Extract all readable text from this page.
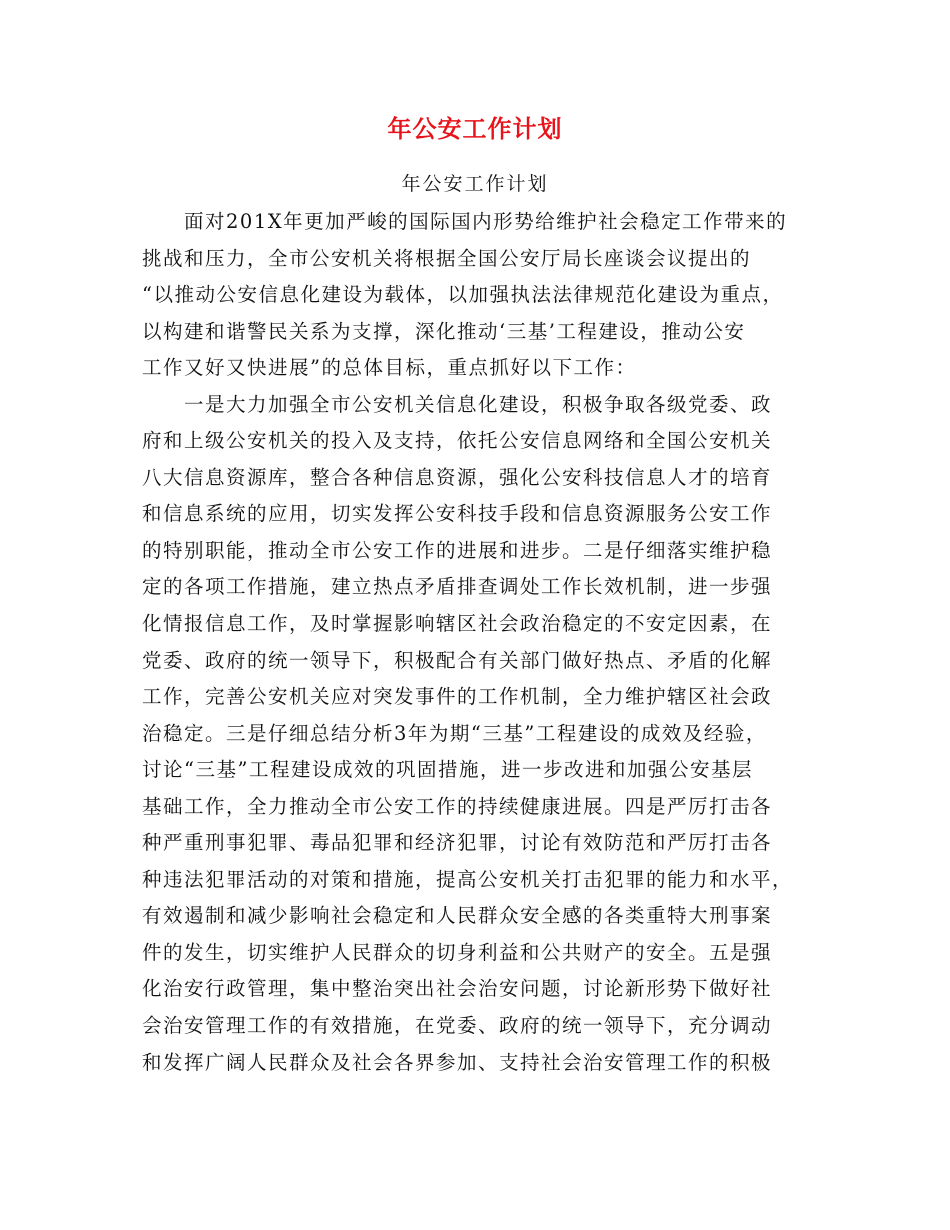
年公安工作计划
年公安工作计划
面对201X年更加严峻的国际国内形势给维护社会稳定工作带来的
挑战和压力，全市公安机关将根据全国公安厅局长座谈会议提出的
“以推动公安信息化建设为载体，以加强执法法律规范化建设为重点，
以构建和谐警民关系为支撑，深化推动‘三基’工程建设，推动公安
工作又好又快进展”的总体目标，重点抓好以下工作：
一是大力加强全市公安机关信息化建设，积极争取各级党委、政
府和上级公安机关的投入及支持，依托公安信息网络和全国公安机关
八大信息资源库，整合各种信息资源，强化公安科技信息人才的培育
和信息系统的应用，切实发挥公安科技手段和信息资源服务公安工作
的特别职能，推动全市公安工作的进展和进步。二是仔细落实维护稳
定的各项工作措施，建立热点矛盾排查调处工作长效机制，进一步强
化情报信息工作，及时掌握影响辖区社会政治稳定的不安定因素，在
党委、政府的统一领导下，积极配合有关部门做好热点、矛盾的化解
工作，完善公安机关应对突发事件的工作机制，全力维护辖区社会政
治稳定。三是仔细总结分析3年为期“三基”工程建设的成效及经验，
讨论“三基”工程建设成效的巩固措施，进一步改进和加强公安基层
基础工作，全力推动全市公安工作的持续健康进展。四是严厉打击各
种严重刑事犯罪、毒品犯罪和经济犯罪，讨论有效防范和严厉打击各
种违法犯罪活动的对策和措施，提高公安机关打击犯罪的能力和水平，
有效遏制和减少影响社会稳定和人民群众安全感的各类重特大刑事案
件的发生，切实维护人民群众的切身利益和公共财产的安全。五是强
化治安行政管理，集中整治突出社会治安问题，讨论新形势下做好社
会治安管理工作的有效措施，在党委、政府的统一领导下，充分调动
和发挥广阔人民群众及社会各界参加、支持社会治安管理工作的积极
